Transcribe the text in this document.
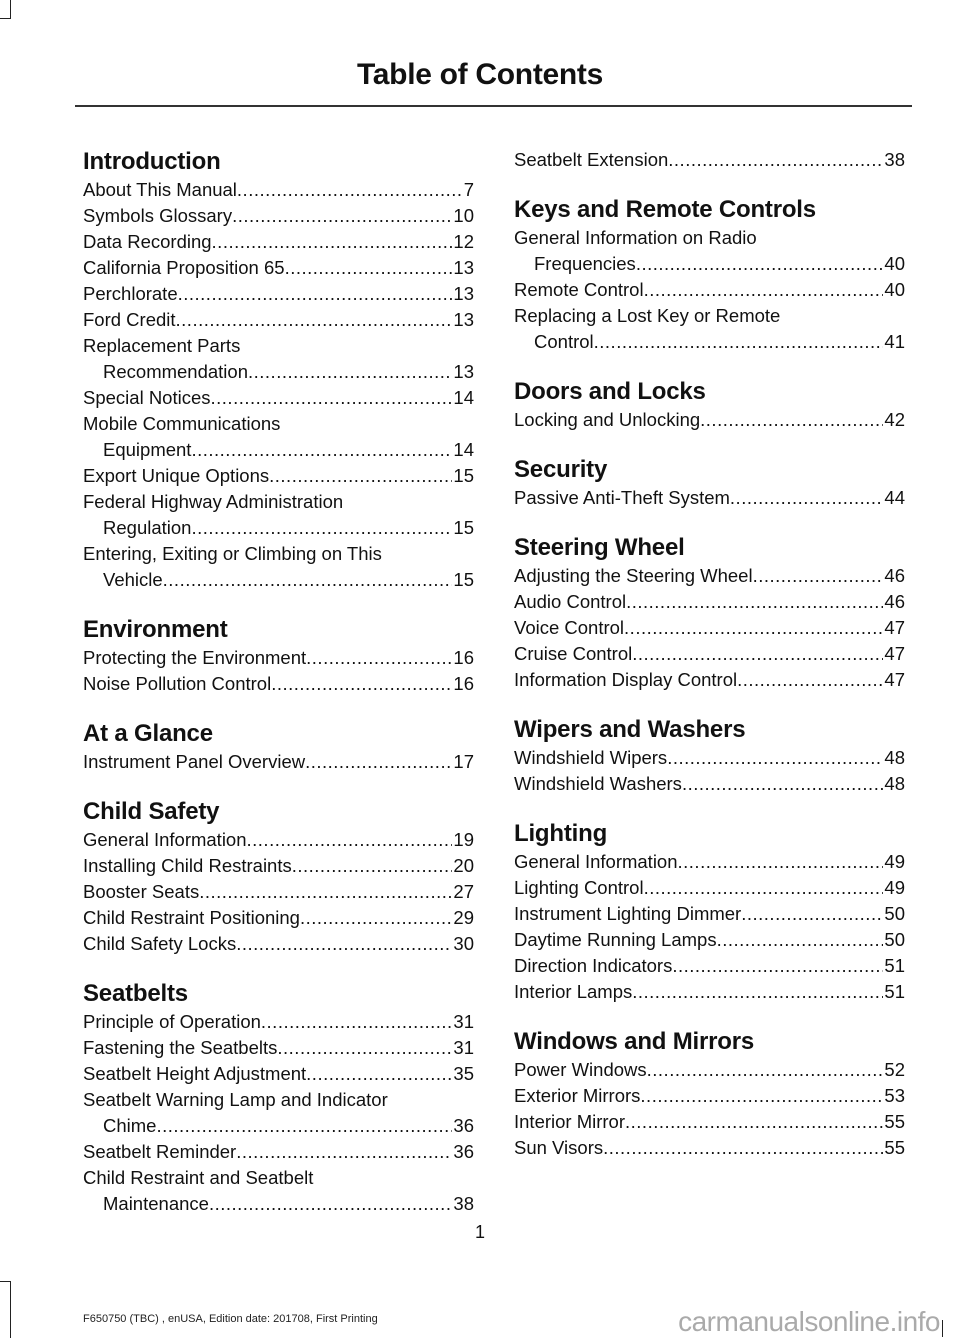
Table of Contents
Introduction
About This Manual .....	7
Symbols Glossary .....	10
Data Recording .....	12
California Proposition 65 .....	13
Perchlorate .....	13
Ford Credit .....	13
Replacement Parts
Recommendation .....	13
Special Notices .....	14
Mobile Communications
Equipment .....	14
Export Unique Options .....	15
Federal Highway Administration
Regulation .....	15
Entering, Exiting or Climbing on This
Vehicle .....	15
Environment
Protecting the Environment .....	16
Noise Pollution Control .....	16
At a Glance
Instrument Panel Overview .....	17
Child Safety
General Information .....	19
Installing Child Restraints .....	20
Booster Seats .....	27
Child Restraint Positioning .....	29
Child Safety Locks .....	30
Seatbelts
Principle of Operation .....	31
Fastening the Seatbelts .....	31
Seatbelt Height Adjustment .....	35
Seatbelt Warning Lamp and Indicator
Chime .....	36
Seatbelt Reminder .....	36
Child Restraint and Seatbelt
Maintenance .....	38
Seatbelt Extension .....	38
Keys and Remote Controls
General Information on Radio
Frequencies .....	40
Remote Control .....	40
Replacing a Lost Key or Remote
Control .....	41
Doors and Locks
Locking and Unlocking .....	42
Security
Passive Anti-Theft System .....	44
Steering Wheel
Adjusting the Steering Wheel .....	46
Audio Control .....	46
Voice Control .....	47
Cruise Control .....	47
Information Display Control .....	47
Wipers and Washers
Windshield Wipers .....	48
Windshield Washers .....	48
Lighting
General Information .....	49
Lighting Control .....	49
Instrument Lighting Dimmer .....	50
Daytime Running Lamps .....	50
Direction Indicators .....	51
Interior Lamps .....	51
Windows and Mirrors
Power Windows .....	52
Exterior Mirrors .....	53
Interior Mirror .....	55
Sun Visors .....	55
1
F650750 (TBC) , enUSA, Edition date: 201708, First Printing	carmanualsonline.info
